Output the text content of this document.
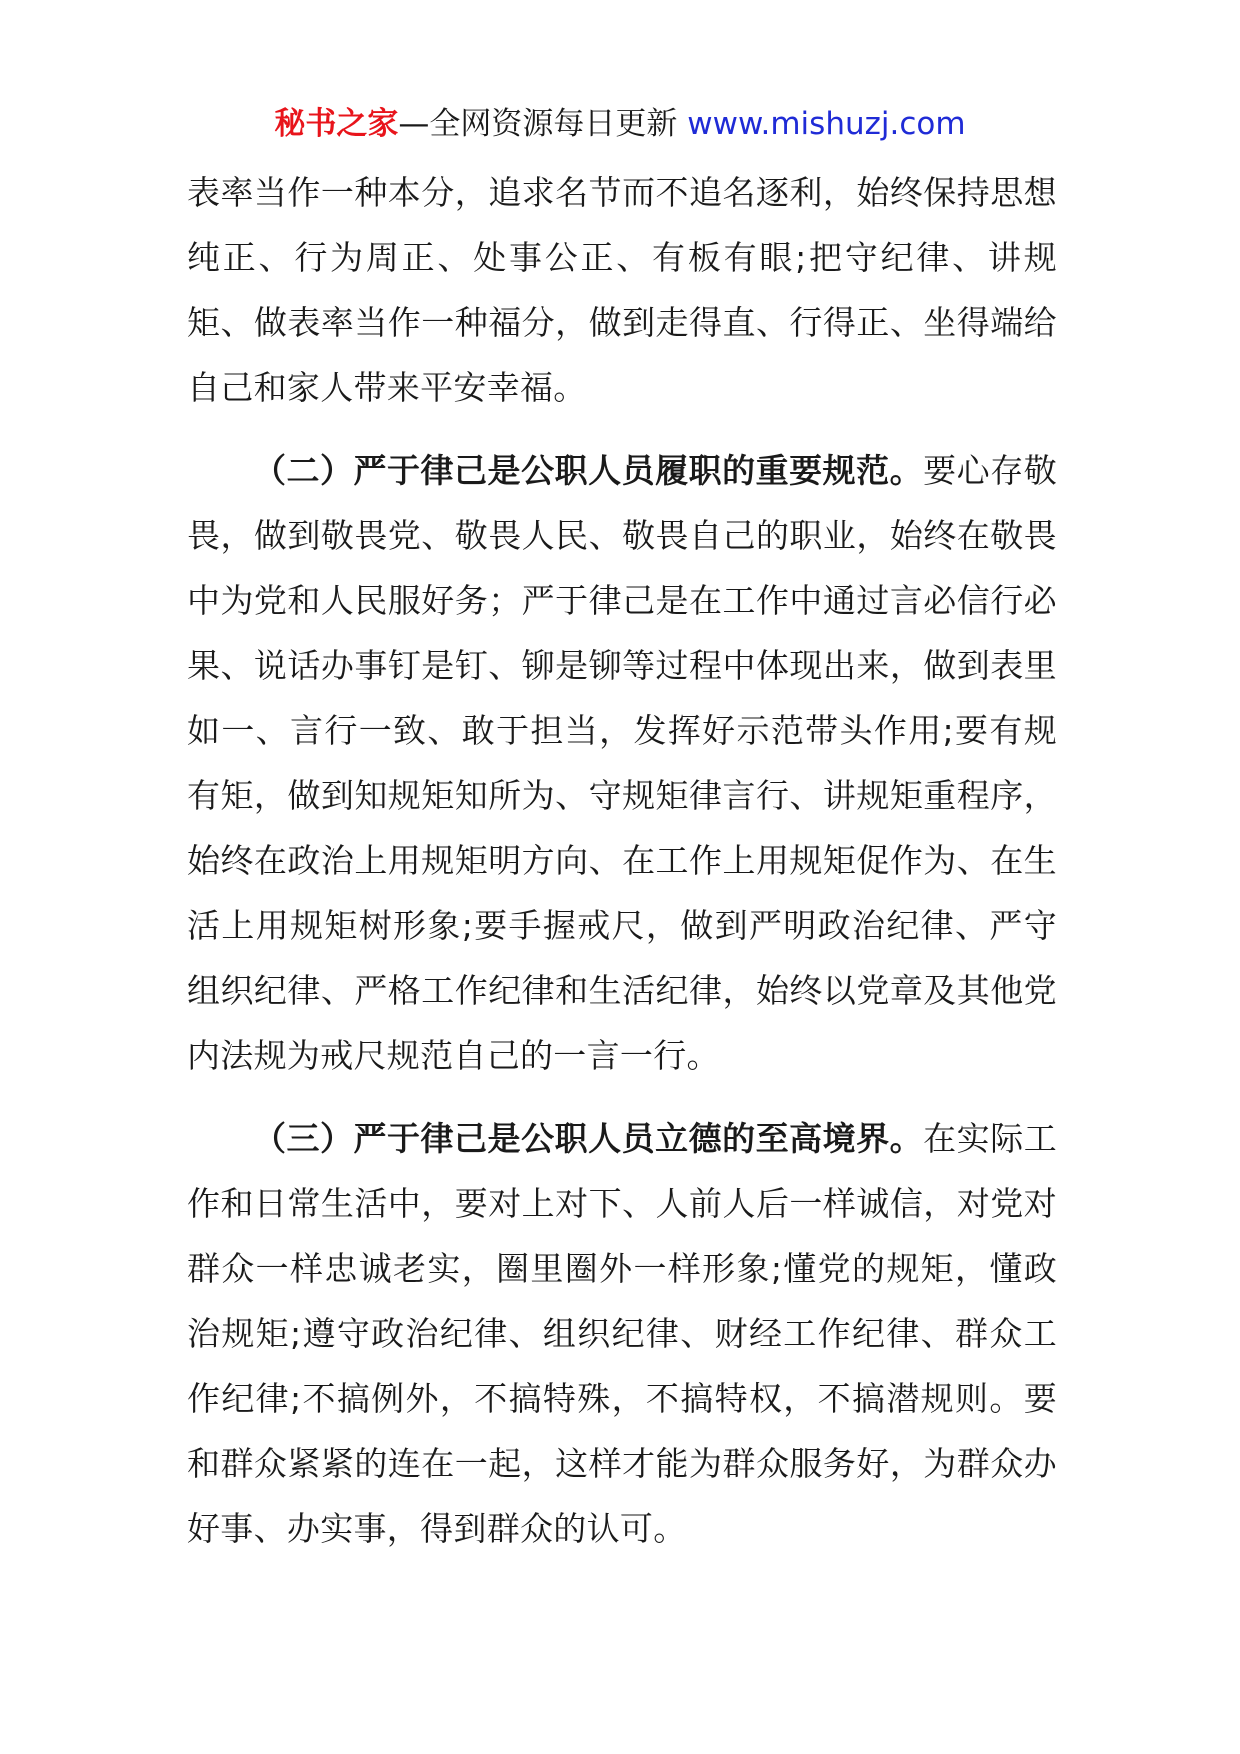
秘书之家—全网资源每日更新 www.mishuzj.com

表率当作一种本分，追求名节而不追名逐利，始终保持思想纯正、行为周正、处事公正、有板有眼;把守纪律、讲规矩、做表率当作一种福分，做到走得直、行得正、坐得端给自己和家人带来平安幸福。

（二）严于律己是公职人员履职的重要规范。要心存敬畏，做到敬畏党、敬畏人民、敬畏自己的职业，始终在敬畏中为党和人民服好务；严于律己是在工作中通过言必信行必果、说话办事钉是钉、铆是铆等过程中体现出来，做到表里如一、言行一致、敢于担当，发挥好示范带头作用;要有规有矩，做到知规矩知所为、守规矩律言行、讲规矩重程序，始终在政治上用规矩明方向、在工作上用规矩促作为、在生活上用规矩树形象;要手握戒尺，做到严明政治纪律、严守组织纪律、严格工作纪律和生活纪律，始终以党章及其他党内法规为戒尺规范自己的一言一行。

（三）严于律己是公职人员立德的至高境界。在实际工作和日常生活中，要对上对下、人前人后一样诚信，对党对群众一样忠诚老实，圈里圈外一样形象;懂党的规矩，懂政治规矩;遵守政治纪律、组织纪律、财经工作纪律、群众工作纪律;不搞例外，不搞特殊，不搞特权，不搞潜规则。要和群众紧紧的连在一起，这样才能为群众服务好，为群众办好事、办实事，得到群众的认可。
